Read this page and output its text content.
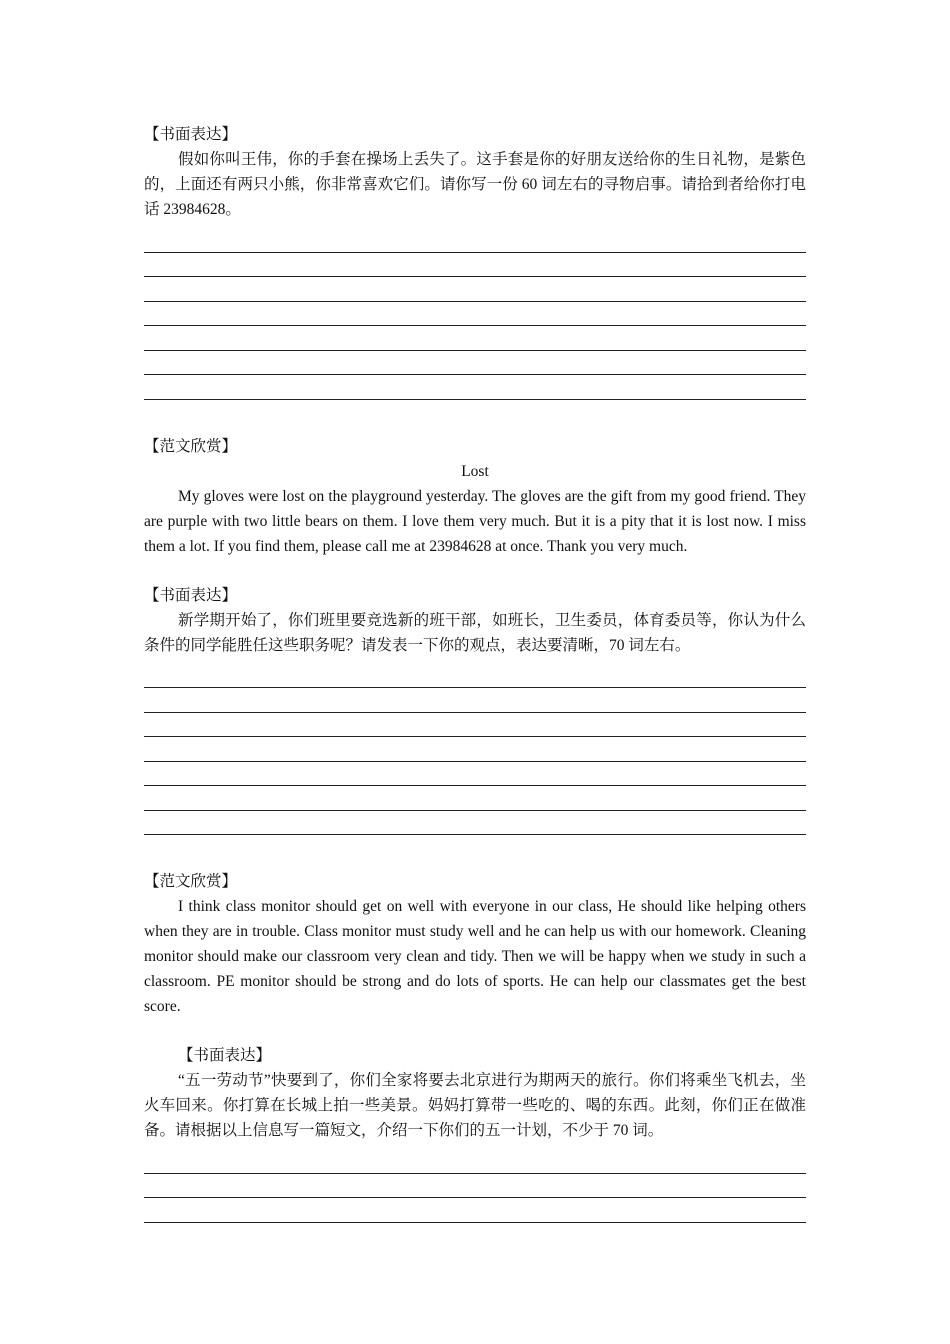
【书面表达】

假如你叫王伟，你的手套在操场上丢失了。这手套是你的好朋友送给你的生日礼物，是紫色的，上面还有两只小熊，你非常喜欢它们。请你写一份 60 词左右的寻物启事。请拾到者给你打电话 23984628。

【范文欣赏】

Lost

My gloves were lost on the playground yesterday. The gloves are the gift from my good friend. They are purple with two little bears on them. I love them very much. But it is a pity that it is lost now. I miss them a lot. If you find them, please call me at 23984628 at once. Thank you very much.

【书面表达】

新学期开始了，你们班里要竞选新的班干部，如班长，卫生委员，体育委员等，你认为什么条件的同学能胜任这些职务呢？请发表一下你的观点，表达要清晰，70 词左右。

【范文欣赏】

I think class monitor should get on well with everyone in our class, He should like helping others when they are in trouble. Class monitor must study well and he can help us with our homework. Cleaning monitor should make our classroom very clean and tidy. Then we will be happy when we study in such a classroom. PE monitor should be strong and do lots of sports. He can help our classmates get the best score.

【书面表达】

“五一劳动节”快要到了，你们全家将要去北京进行为期两天的旅行。你们将乘坐飞机去，坐火车回来。你打算在长城上拍一些美景。妈妈打算带一些吃的、喝的东西。此刻，你们正在做准备。请根据以上信息写一篇短文，介绍一下你们的五一计划，不少于 70 词。
